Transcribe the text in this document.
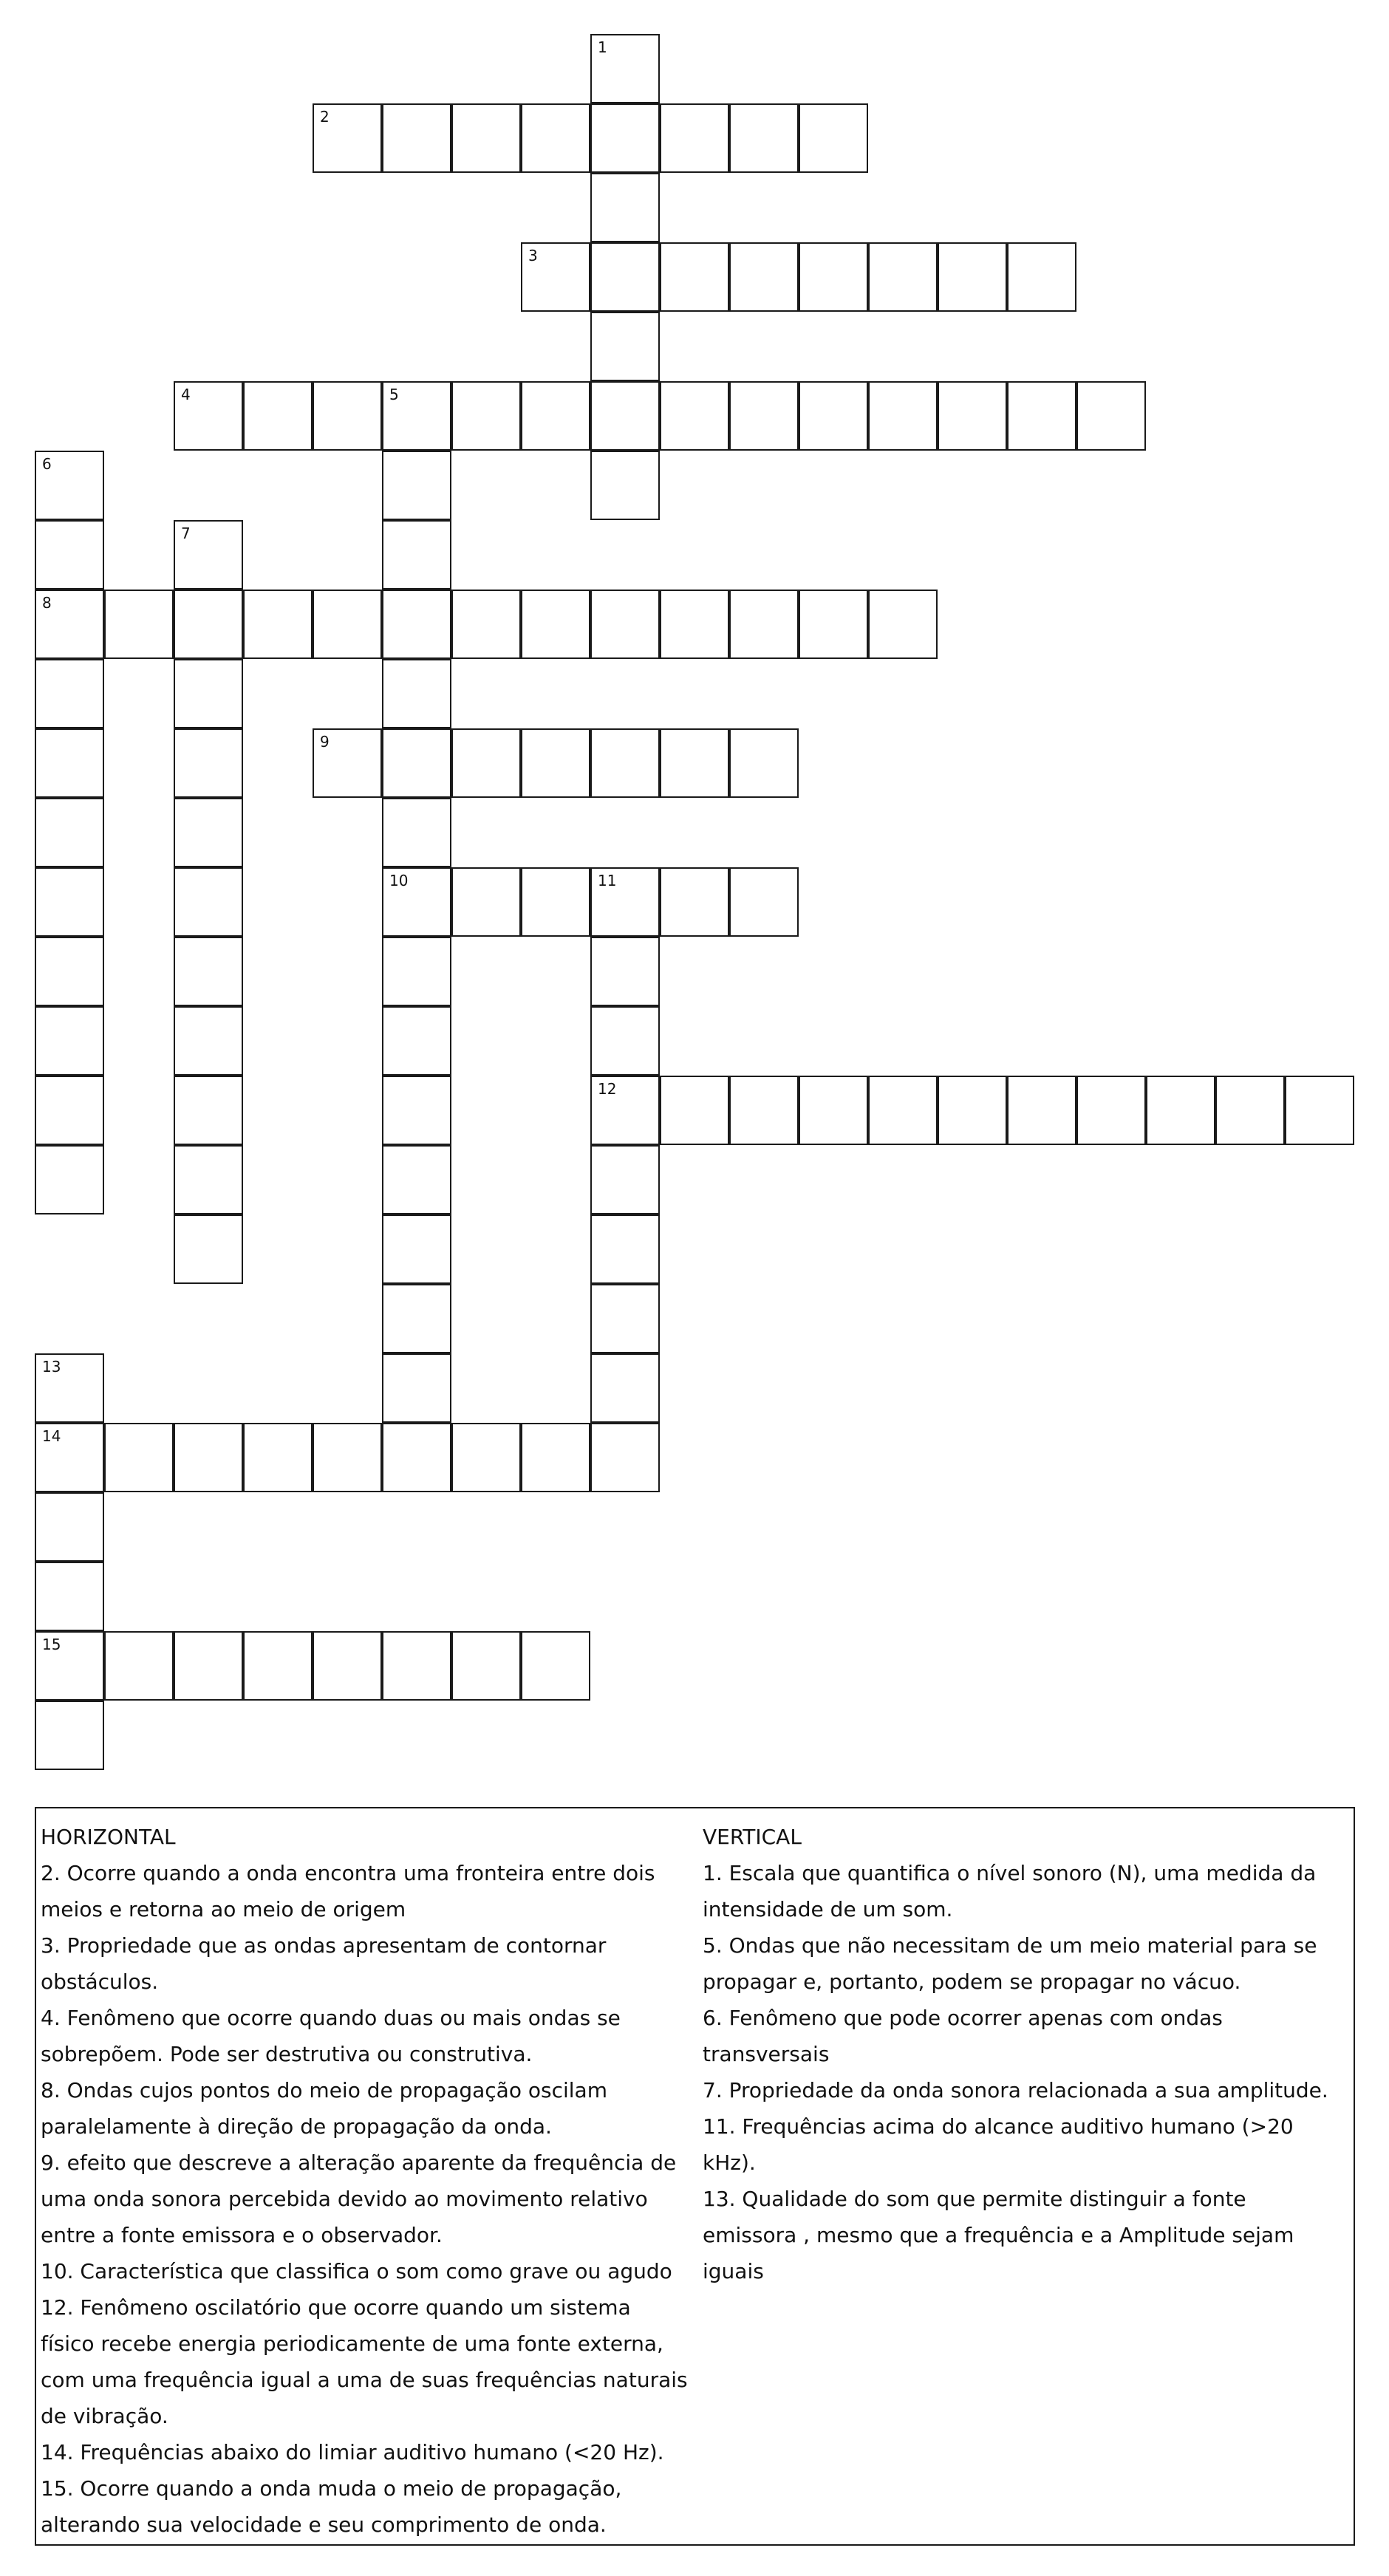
1
2
3
4	5
10
6
8
7
9
11
12
13
14
15

HORIZONTAL

2. Ocorre quando a onda encontra uma fronteira entre dois meios e retorna ao meio de origem

3. Propriedade que as ondas apresentam de contornar obstáculos.

4. Fenômeno que ocorre quando duas ou mais ondas se sobrepõem. Pode ser destrutiva ou construtiva.

8. Ondas cujos pontos do meio de propagação oscilam paralelamente à direção de propagação da onda.

9. efeito que descreve a alteração aparente da frequência de uma onda sonora percebida devido ao movimento relativo entre a fonte emissora e o observador.

10. Característica que classifica o som como grave ou agudo

12. Fenômeno oscilatório que ocorre quando um sistema físico recebe energia periodicamente de uma fonte externa, com uma frequência igual a uma de suas frequências naturais de vibração.

14. Frequências abaixo do limiar auditivo humano (<20 Hz).

15. Ocorre quando a onda muda o meio de propagação, alterando sua velocidade e seu comprimento de onda.

VERTICAL

1. Escala que quantifica o nível sonoro (N), uma medida da intensidade de um som.

5. Ondas que não necessitam de um meio material para se propagar e, portanto, podem se propagar no vácuo.

6. Fenômeno que pode ocorrer apenas com ondas transversais

7. Propriedade da onda sonora relacionada a sua amplitude.

11. Frequências acima do alcance auditivo humano (>20 kHz).

13. Qualidade do som que permite distinguir a fonte emissora , mesmo que a frequência e a Amplitude sejam iguais
